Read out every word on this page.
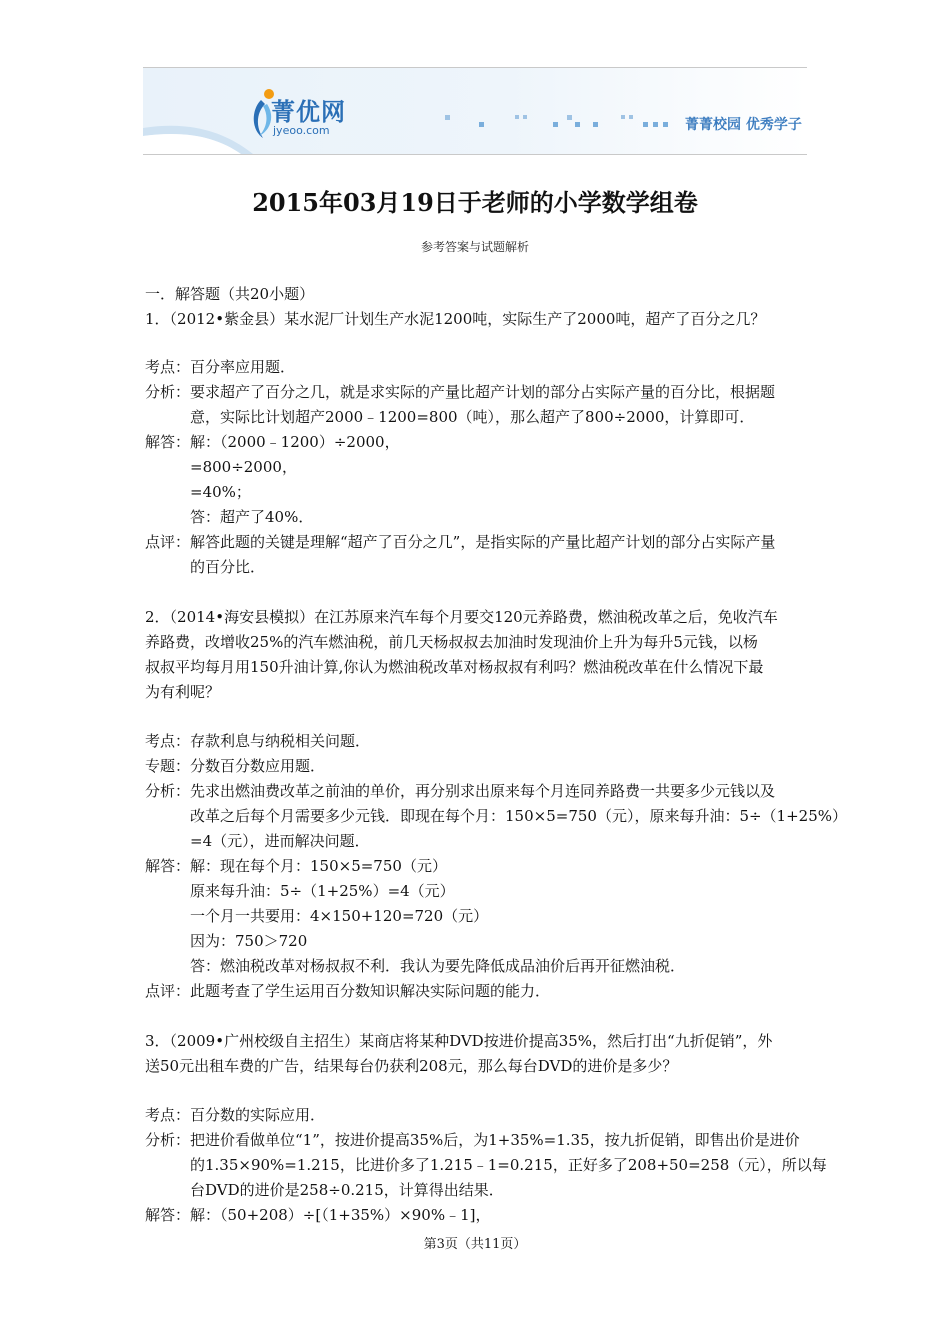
菁优网
jyeoo.com	菁菁校园 优秀学子
2015年03月19日于老师的小学数学组卷
参考答案与试题解析
一．解答题（共20小题）
1．（2012•紫金县）某水泥厂计划生产水泥1200吨，实际生产了2000吨，超产了百分之几？
考点：百分率应用题．
分析：要求超产了百分之几，就是求实际的产量比超产计划的部分占实际产量的百分比，根据题
意，实际比计划超产2000﹣1200=800（吨），那么超产了800÷2000，计算即可．
解答：解：（2000﹣1200）÷2000，
=800÷2000，
=40%；
答：超产了40%．
点评：解答此题的关键是理解“超产了百分之几”，是指实际的产量比超产计划的部分占实际产量
的百分比．
2．（2014•海安县模拟）在江苏原来汽车每个月要交120元养路费，燃油税改革之后，免收汽车
养路费，改增收25%的汽车燃油税，前几天杨叔叔去加油时发现油价上升为每升5元钱，以杨
叔叔平均每月用150升油计算,你认为燃油税改革对杨叔叔有利吗？燃油税改革在什么情况下最
为有利呢？
考点：存款利息与纳税相关问题．
专题：分数百分数应用题．
分析：先求出燃油费改革之前油的单价，再分别求出原来每个月连同养路费一共要多少元钱以及
改革之后每个月需要多少元钱．即现在每个月：150×5=750（元），原来每升油：5÷（1+25%）
=4（元），进而解决问题．
解答：解：现在每个月：150×5=750（元）
原来每升油：5÷（1+25%）=4（元）
一个月一共要用：4×150+120=720（元）
因为：750＞720
答：燃油税改革对杨叔叔不利．我认为要先降低成品油价后再开征燃油税．
点评：此题考查了学生运用百分数知识解决实际问题的能力．
3．（2009•广州校级自主招生）某商店将某种DVD按进价提高35%，然后打出“九折促销”，外
送50元出租车费的广告，结果每台仍获利208元，那么每台DVD的进价是多少？
考点：百分数的实际应用．
分析：把进价看做单位“1”，按进价提高35%后，为1+35%=1.35，按九折促销，即售出价是进价
的1.35×90%=1.215，比进价多了1.215﹣1=0.215，正好多了208+50=258（元），所以每
台DVD的进价是258÷0.215，计算得出结果．
解答：解：（50+208）÷[（1+35%）×90%﹣1]，
第3页（共11页）
